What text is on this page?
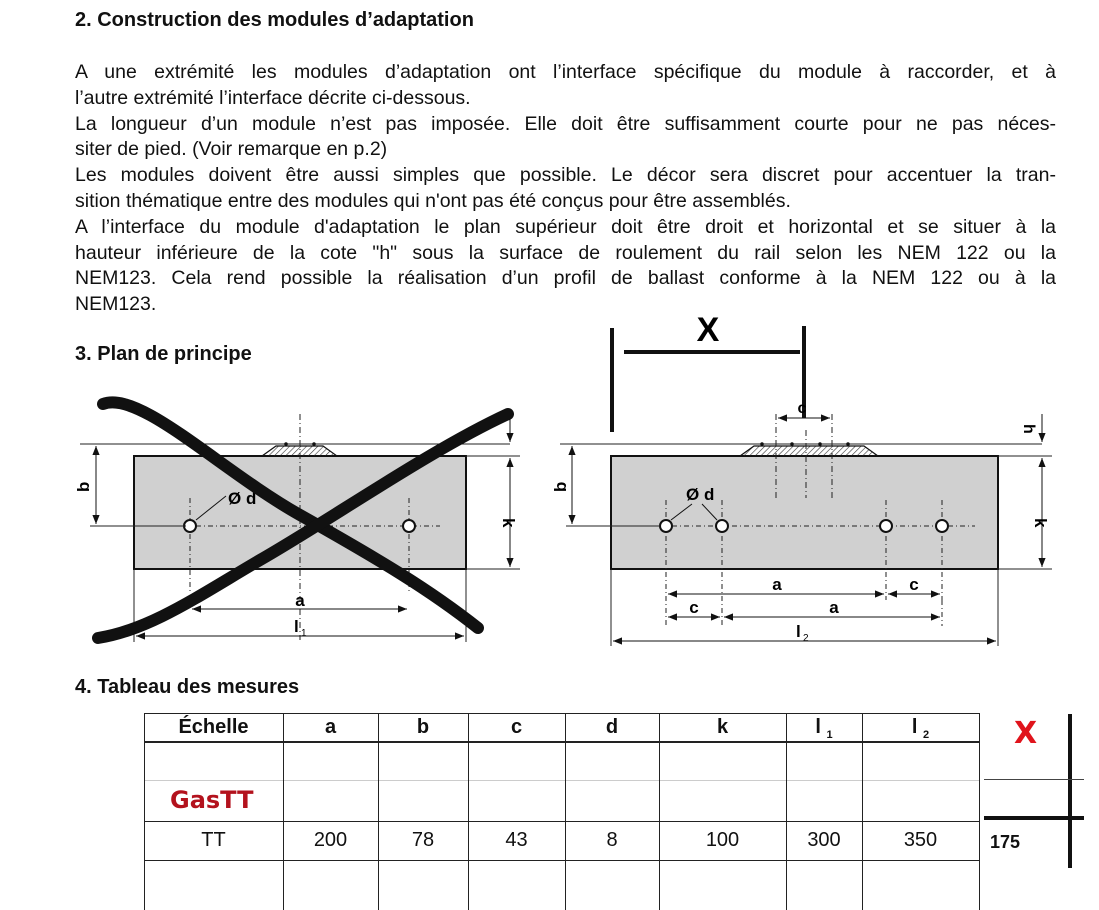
2. Construction des modules d’adaptation
A une extrémité les modules d’adaptation ont l’interface spécifique du module à raccorder, et à
l’autre extrémité l’interface décrite ci-dessous.
La longueur d’un module n’est pas imposée. Elle doit être suffisamment courte pour ne pas néces-
siter de pied. (Voir remarque en p.2)
Les modules doivent être aussi simples que possible. Le décor sera discret pour accentuer la tran-
sition thématique entre des modules qui n'ont pas été conçus pour être assemblés.
A l’interface du module d'adaptation le plan supérieur doit être droit et horizontal et se situer à la
hauteur inférieure de la cote "h" sous la surface de roulement du rail selon les NEM 122 ou la
NEM123. Cela rend possible la réalisation d’un profil de ballast conforme à la NEM 122 ou à la
NEM123.
3. Plan de principe
Ø d
b
k
a
l 1
X
c
h
Ø d
b
k
a	c
c	a
l 2
4. Tableau des mesures
Échelle	a	b	c	d	k	l $_1$	l $_2$
GasTT
TT	200	78	43	8	100	300	350
X
175
